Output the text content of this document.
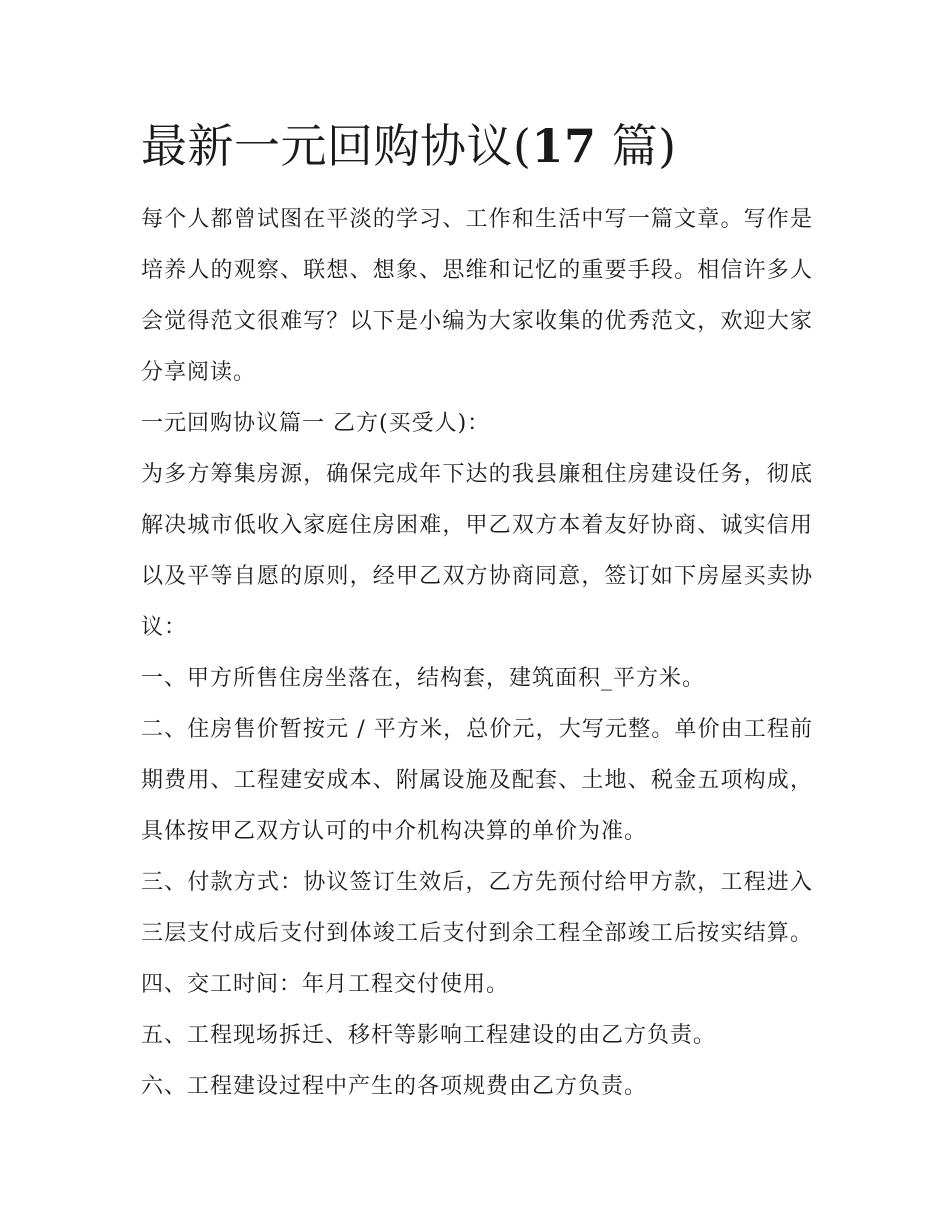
最新一元回购协议(17 篇)

每个人都曾试图在平淡的学习、工作和生活中写一篇文章。写作是培养人的观察、联想、想象、思维和记忆的重要手段。相信许多人会觉得范文很难写？以下是小编为大家收集的优秀范文，欢迎大家分享阅读。

一元回购协议篇一 乙方(买受人)：

为多方筹集房源，确保完成年下达的我县廉租住房建设任务，彻底解决城市低收入家庭住房困难，甲乙双方本着友好协商、诚实信用以及平等自愿的原则，经甲乙双方协商同意，签订如下房屋买卖协议：

一、甲方所售住房坐落在，结构套，建筑面积_平方米。

二、住房售价暂按元 / 平方米，总价元，大写元整。单价由工程前期费用、工程建安成本、附属设施及配套、土地、税金五项构成，具体按甲乙双方认可的中介机构决算的单价为准。

三、付款方式：协议签订生效后，乙方先预付给甲方款，工程进入三层支付成后支付到体竣工后支付到余工程全部竣工后按实结算。 四、交工时间：年月工程交付使用。

五、工程现场拆迁、移杆等影响工程建设的由乙方负责。

六、工程建设过程中产生的各项规费由乙方负责。
